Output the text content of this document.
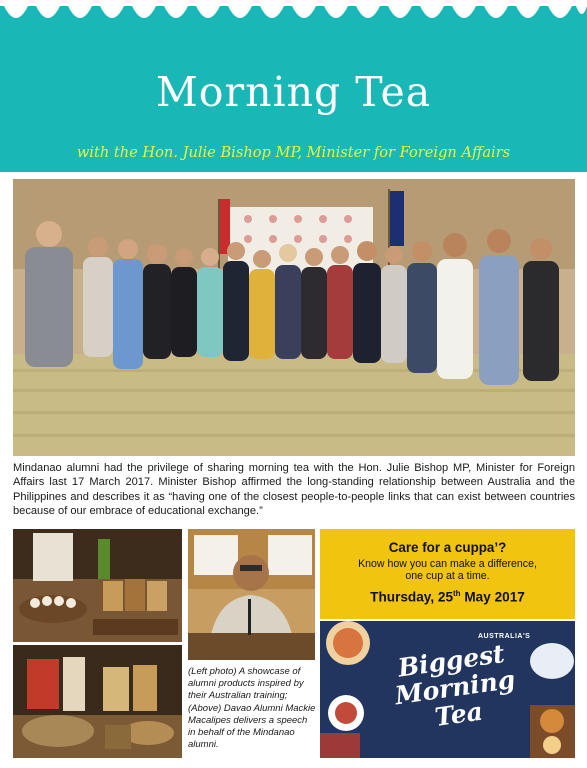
Morning Tea
with the Hon. Julie Bishop MP, Minister for Foreign Affairs

Mindanao alumni had the privilege of sharing morning tea with the Hon. Julie Bishop MP, Minister for Foreign Affairs last 17 March 2017. Minister Bishop affirmed the long-standing relationship between Australia and the Philippines and describes it as “having one of the closest people-to-people links that can exist between countries because of our embrace of educational exchange.”

(Left photo) A showcase of alumni products inspired by their Australian training; (Above) Davao Alumni Mackie Macalipes delivers a speech in behalf of the Mindanao alumni.

Care for a cuppa’?
Know how you can make a difference,
one cup at a time.
Thursday, 25th May 2017
AUSTRALIA'S
Biggest Morning Tea
